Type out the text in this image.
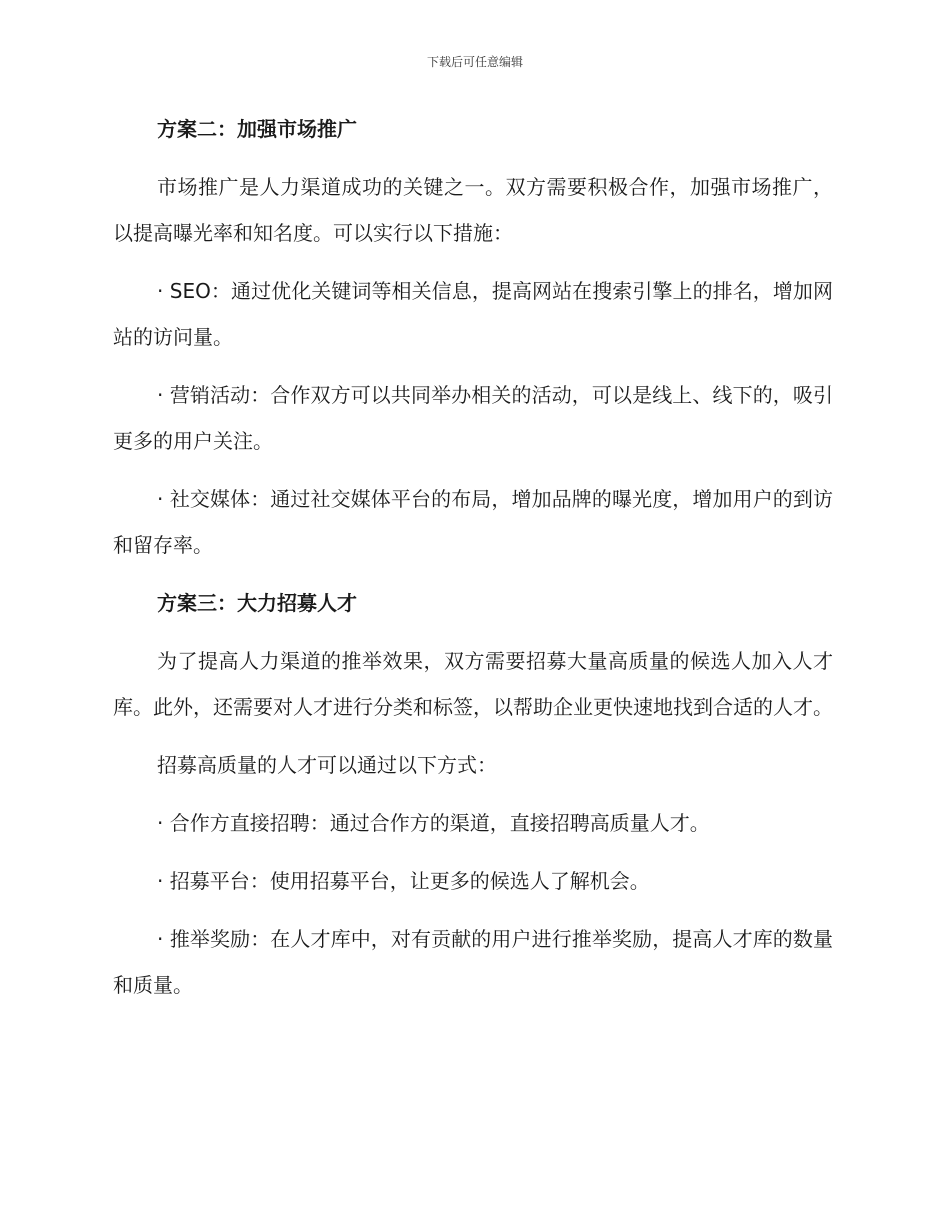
下载后可任意编辑
方案二：加强市场推广

市场推广是人力渠道成功的关键之一。双方需要积极合作，加强市场推广，以提高曝光率和知名度。可以实行以下措施：

· SEO：通过优化关键词等相关信息，提高网站在搜索引擎上的排名，增加网站的访问量。

· 营销活动：合作双方可以共同举办相关的活动，可以是线上、线下的，吸引更多的用户关注。

· 社交媒体：通过社交媒体平台的布局，增加品牌的曝光度，增加用户的到访和留存率。

方案三：大力招募人才

为了提高人力渠道的推举效果，双方需要招募大量高质量的候选人加入人才库。此外，还需要对人才进行分类和标签，以帮助企业更快速地找到合适的人才。

招募高质量的人才可以通过以下方式：

· 合作方直接招聘：通过合作方的渠道，直接招聘高质量人才。

· 招募平台：使用招募平台，让更多的候选人了解机会。

· 推举奖励：在人才库中，对有贡献的用户进行推举奖励，提高人才库的数量和质量。
